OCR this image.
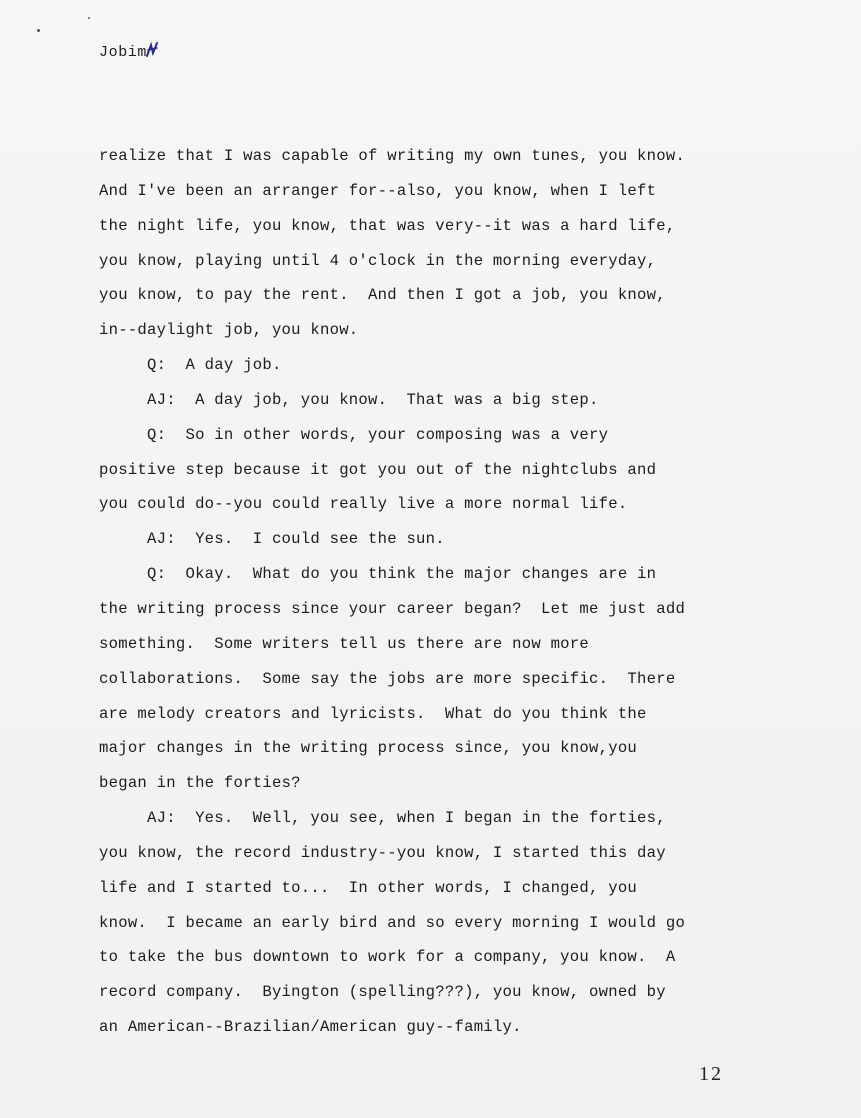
Jobim
realize that I was capable of writing my own tunes, you know.
And I've been an arranger for--also, you know, when I left
the night life, you know, that was very--it was a hard life,
you know, playing until 4 o'clock in the morning everyday,
you know, to pay the rent.  And then I got a job, you know,
in--daylight job, you know.
Q:  A day job.
AJ:  A day job, you know.  That was a big step.
Q:  So in other words, your composing was a very
positive step because it got you out of the nightclubs and
you could do--you could really live a more normal life.
AJ:  Yes.  I could see the sun.
Q:  Okay.  What do you think the major changes are in
the writing process since your career began?  Let me just add
something.  Some writers tell us there are now more
collaborations.  Some say the jobs are more specific.  There
are melody creators and lyricists.  What do you think the
major changes in the writing process since, you know,you
began in the forties?
AJ:  Yes.  Well, you see, when I began in the forties,
you know, the record industry--you know, I started this day
life and I started to...  In other words, I changed, you
know.  I became an early bird and so every morning I would go
to take the bus downtown to work for a company, you know.  A
record company.  Byington (spelling???), you know, owned by
an American--Brazilian/American guy--family.
12
